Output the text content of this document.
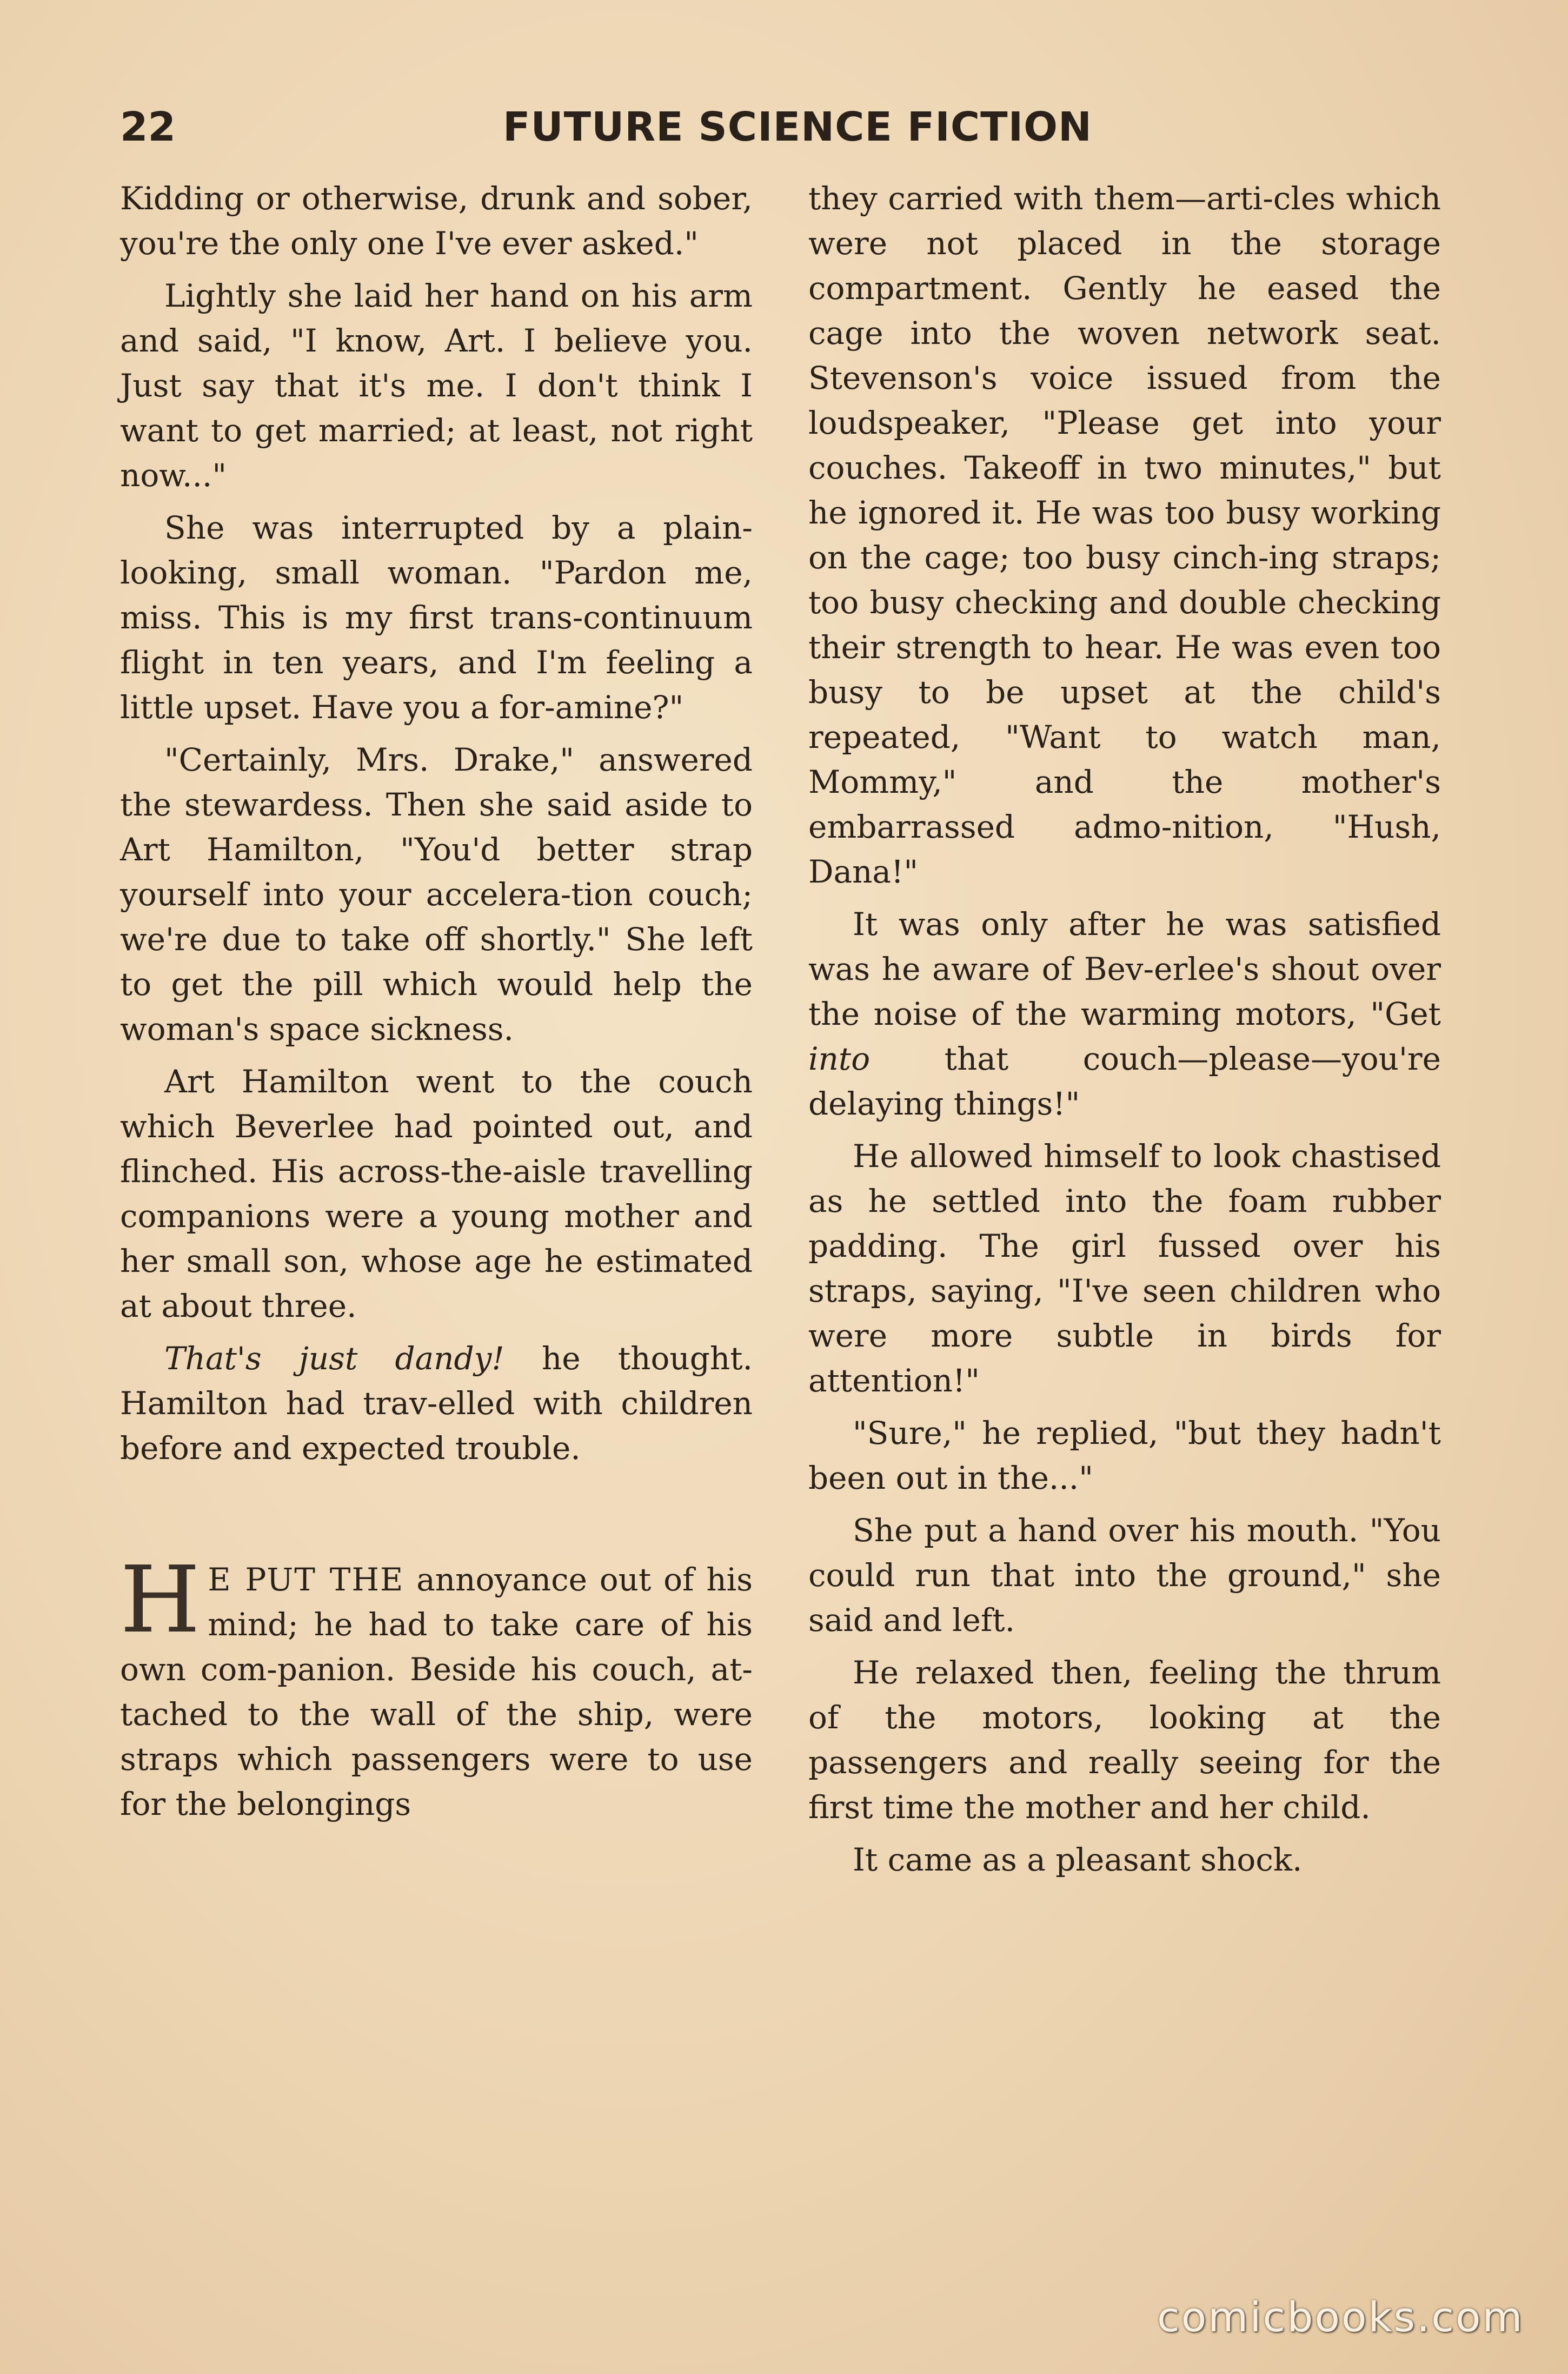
22	FUTURE SCIENCE FICTION

Kidding or otherwise, drunk and sober, you're the only one I've ever asked."

Lightly she laid her hand on his arm and said, "I know, Art. I believe you. Just say that it's me. I don't think I want to get married; at least, not right now..."

She was interrupted by a plain-looking, small woman. "Pardon me, miss. This is my first trans-continuum flight in ten years, and I'm feeling a little upset. Have you a for-amine?"

"Certainly, Mrs. Drake," answered the stewardess. Then she said aside to Art Hamilton, "You'd better strap yourself into your accelera-tion couch; we're due to take off shortly." She left to get the pill which would help the woman's space sickness.

Art Hamilton went to the couch which Beverlee had pointed out, and flinched. His across-the-aisle travelling companions were a young mother and her small son, whose age he estimated at about three.

That's just dandy! he thought. Hamilton had trav-elled with children before and expected trouble.

H E PUT THE annoyance out of his mind; he had to take care of his own com-panion. Beside his couch, at-tached to the wall of the ship, were straps which passengers were to use for the belongings

they carried with them—arti-cles which were not placed in the storage compartment. Gently he eased the cage into the woven network seat. Stevenson's voice issued from the loudspeaker, "Please get into your couches. Takeoff in two minutes," but he ignored it. He was too busy working on the cage; too busy cinch-ing straps; too busy checking and double checking their strength to hear. He was even too busy to be upset at the child's repeated, "Want to watch man, Mommy," and the mother's embarrassed admo-nition, "Hush, Dana!"

It was only after he was satisfied was he aware of Bev-erlee's shout over the noise of the warming motors, "Get into that couch—please—you're delaying things!"

He allowed himself to look chastised as he settled into the foam rubber padding. The girl fussed over his straps, saying, "I've seen children who were more subtle in birds for attention!"

"Sure," he replied, "but they hadn't been out in the..."

She put a hand over his mouth. "You could run that into the ground," she said and left.

He relaxed then, feeling the thrum of the motors, looking at the passengers and really seeing for the first time the mother and her child.

It came as a pleasant shock.

comicbooks.com
